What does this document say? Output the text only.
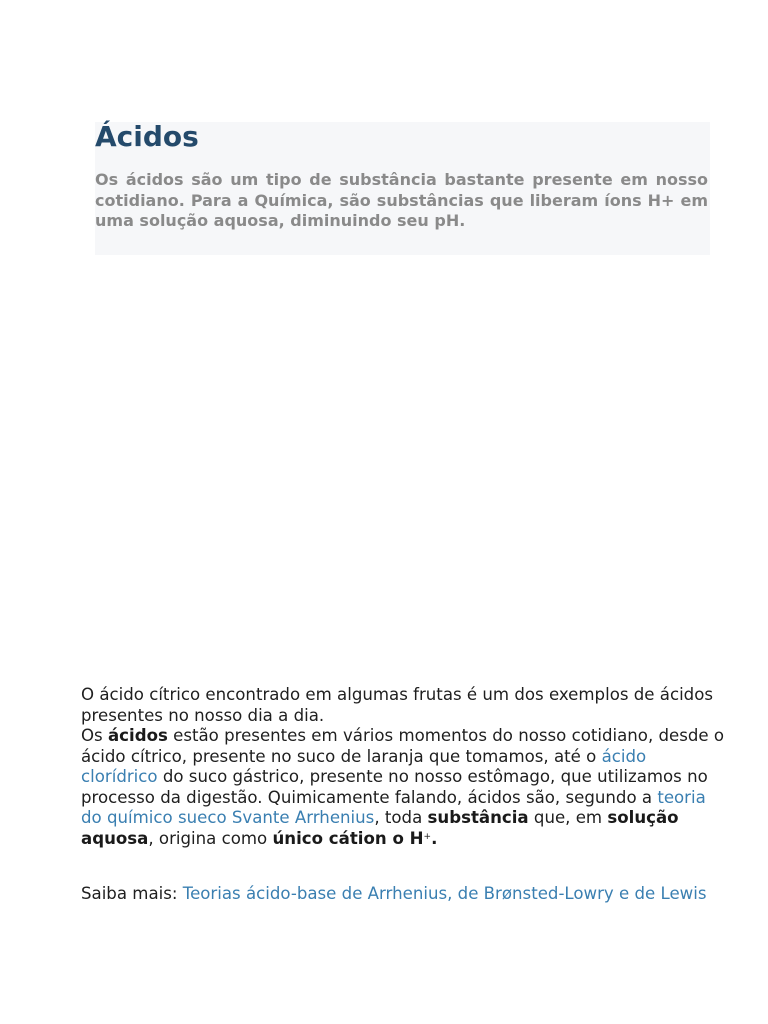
Ácidos

Os ácidos são um tipo de substância bastante presente em nosso cotidiano. Para a Química, são substâncias que liberam íons H+ em uma solução aquosa, diminuindo seu pH.

O ácido cítrico encontrado em algumas frutas é um dos exemplos de ácidos presentes no nosso dia a dia.

Os ácidos estão presentes em vários momentos do nosso cotidiano, desde o ácido cítrico, presente no suco de laranja que tomamos, até o ácido clorídrico do suco gástrico, presente no nosso estômago, que utilizamos no processo da digestão. Quimicamente falando, ácidos são, segundo a teoria do químico sueco Svante Arrhenius, toda substância que, em solução aquosa, origina como único cátion o H+.

Saiba mais: Teorias ácido-base de Arrhenius, de Brønsted-Lowry e de Lewis
